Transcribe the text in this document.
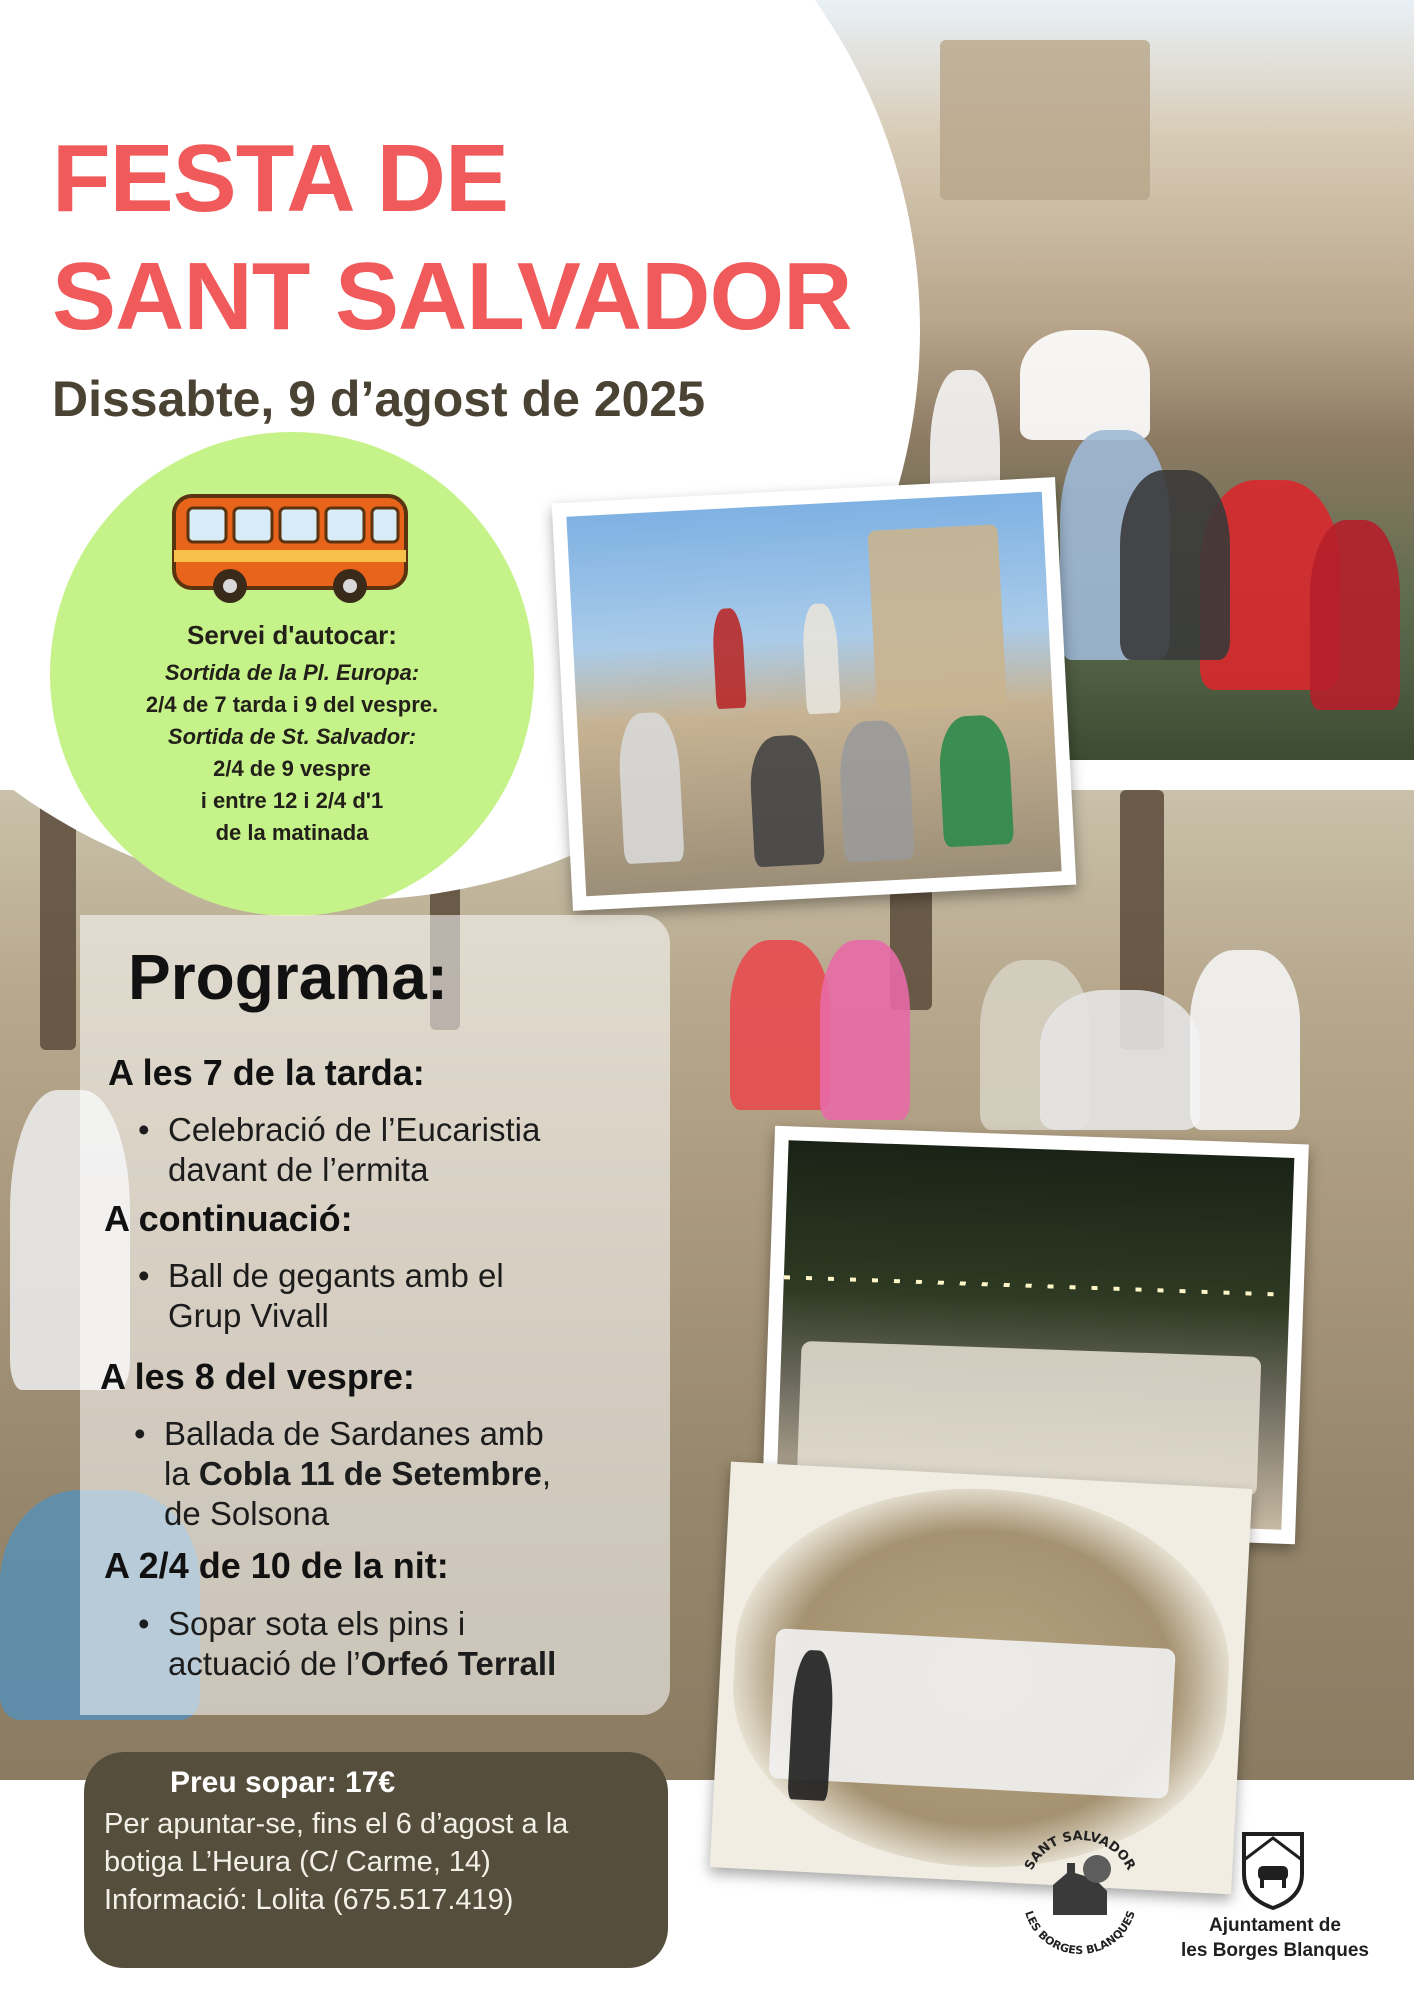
FESTA DE
SANT SALVADOR
Dissabte, 9 d’agost de 2025

Servei d'autocar:

Sortida de la Pl. Europa:

2/4 de 7 tarda i 9 del vespre.

Sortida de St. Salvador:

2/4 de 9 vespre

i entre 12 i 2/4 d'1

de la matinada

Programa:

A les 7 de la tarda:

• Celebració de l’Eucaristia
davant de l’ermita

A continuació:

• Ball de gegants amb el
Grup Vivall

A les 8 del vespre:

• Ballada de Sardanes amb
la Cobla 11 de Setembre,
de Solsona

A 2/4 de 10 de la nit:

• Sopar sota els pins i
actuació de l’Orfeó Terrall

Preu sopar: 17€

Per apuntar-se, fins el 6 d’agost a la

botiga L’Heura (C/ Carme, 14)

Informació: Lolita (675.517.419)

SANT SALVADOR
LES BORGES BLANQUES

Ajuntament de

les Borges Blanques
